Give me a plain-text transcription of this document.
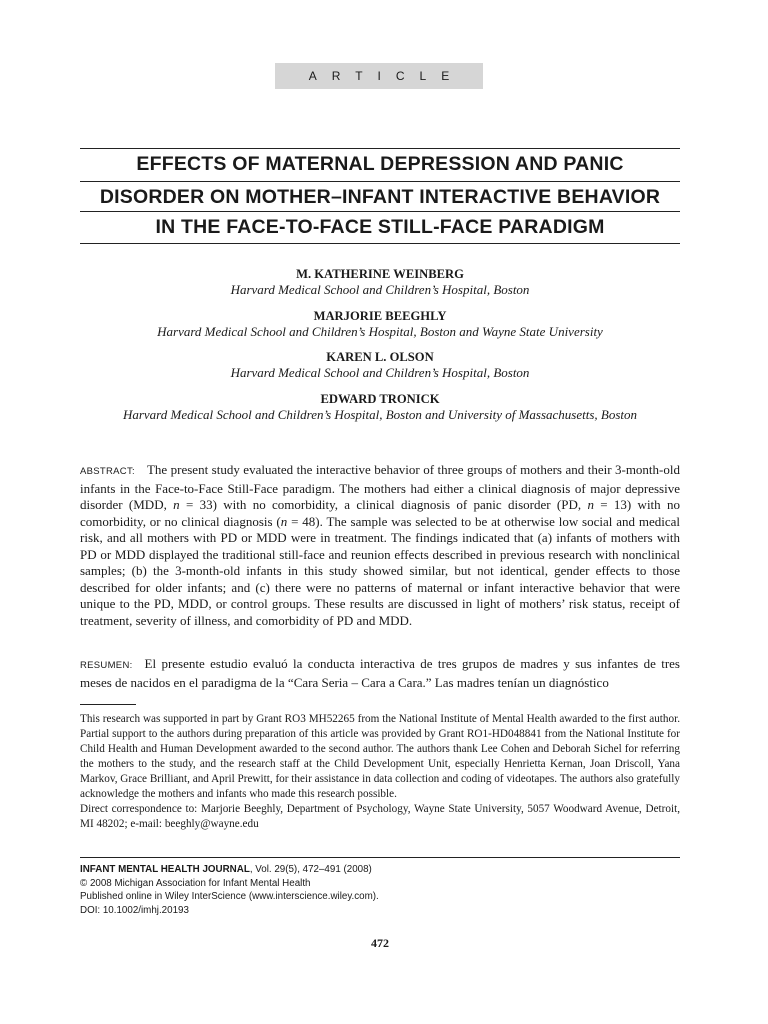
ARTICLE
EFFECTS OF MATERNAL DEPRESSION AND PANIC
DISORDER ON MOTHER–INFANT INTERACTIVE BEHAVIOR
IN THE FACE-TO-FACE STILL-FACE PARADIGM
M. KATHERINE WEINBERG
Harvard Medical School and Children’s Hospital, Boston
MARJORIE BEEGHLY
Harvard Medical School and Children’s Hospital, Boston and Wayne State University
KAREN L. OLSON
Harvard Medical School and Children’s Hospital, Boston
EDWARD TRONICK
Harvard Medical School and Children’s Hospital, Boston and University of Massachusetts, Boston
ABSTRACT: The present study evaluated the interactive behavior of three groups of mothers and their 3-month-old infants in the Face-to-Face Still-Face paradigm. The mothers had either a clinical diagnosis of major depressive disorder (MDD, n = 33) with no comorbidity, a clinical diagnosis of panic disorder (PD, n = 13) with no comorbidity, or no clinical diagnosis (n = 48). The sample was selected to be at otherwise low social and medical risk, and all mothers with PD or MDD were in treatment. The findings indicated that (a) infants of mothers with PD or MDD displayed the traditional still-face and reunion effects described in previous research with nonclinical samples; (b) the 3-month-old infants in this study showed similar, but not identical, gender effects to those described for older infants; and (c) there were no patterns of maternal or infant interactive behavior that were unique to the PD, MDD, or control groups. These results are discussed in light of mothers’ risk status, receipt of treatment, severity of illness, and comorbidity of PD and MDD.
RESUMEN: El presente estudio evaluó la conducta interactiva de tres grupos de madres y sus infantes de tres meses de nacidos en el paradigma de la “Cara Seria – Cara a Cara.” Las madres tenían un diagnóstico

This research was supported in part by Grant RO3 MH52265 from the National Institute of Mental Health awarded to the first author. Partial support to the authors during preparation of this article was provided by Grant RO1-HD048841 from the National Institute for Child Health and Human Development awarded to the second author. The authors thank Lee Cohen and Deborah Sichel for referring the mothers to the study, and the research staff at the Child Development Unit, especially Henrietta Kernan, Joan Driscoll, Yana Markov, Grace Brilliant, and April Prewitt, for their assistance in data collection and coding of videotapes. The authors also gratefully acknowledge the mothers and infants who made this research possible.

Direct correspondence to: Marjorie Beeghly, Department of Psychology, Wayne State University, 5057 Woodward Avenue, Detroit, MI 48202; e-mail: beeghly@wayne.edu

INFANT MENTAL HEALTH JOURNAL, Vol. 29(5), 472–491 (2008)
© 2008 Michigan Association for Infant Mental Health
Published online in Wiley InterScience (www.interscience.wiley.com).
DOI: 10.1002/imhj.20193
472
